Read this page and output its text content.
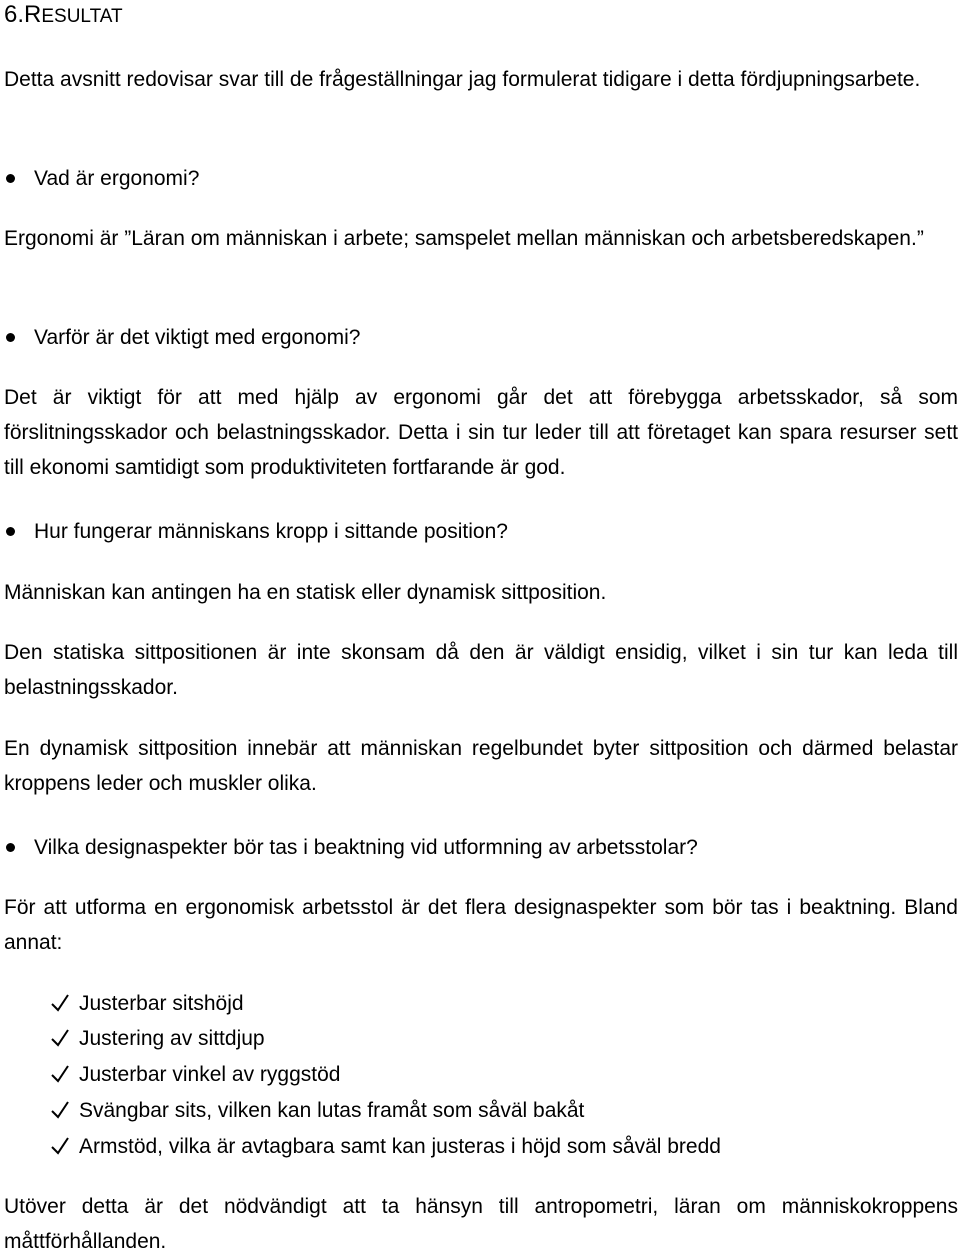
6.RESULTAT

Detta avsnitt redovisar svar till de frågeställningar jag formulerat tidigare i detta fördjupningsarbete.

Vad är ergonomi?

Ergonomi är ”Läran om människan i arbete; samspelet mellan människan och arbetsberedskapen.”

Varför är det viktigt med ergonomi?

Det är viktigt för att med hjälp av ergonomi går det att förebygga arbetsskador, så som förslitningsskador och belastningsskador. Detta i sin tur leder till att företaget kan spara resurser sett till ekonomi samtidigt som produktiviteten fortfarande är god.

Hur fungerar människans kropp i sittande position?

Människan kan antingen ha en statisk eller dynamisk sittposition.

Den statiska sittpositionen är inte skonsam då den är väldigt ensidig, vilket i sin tur kan leda till belastningsskador.

En dynamisk sittposition innebär att människan regelbundet byter sittposition och därmed belastar kroppens leder och muskler olika.

Vilka designaspekter bör tas i beaktning vid utformning av arbetsstolar?

För att utforma en ergonomisk arbetsstol är det flera designaspekter som bör tas i beaktning. Bland annat:

Justerbar sitshöjd
Justering av sittdjup
Justerbar vinkel av ryggstöd
Svängbar sits, vilken kan lutas framåt som såväl bakåt
Armstöd, vilka är avtagbara samt kan justeras i höjd som såväl bredd

Utöver detta är det nödvändigt att ta hänsyn till antropometri, läran om människokroppens måttförhållanden.
